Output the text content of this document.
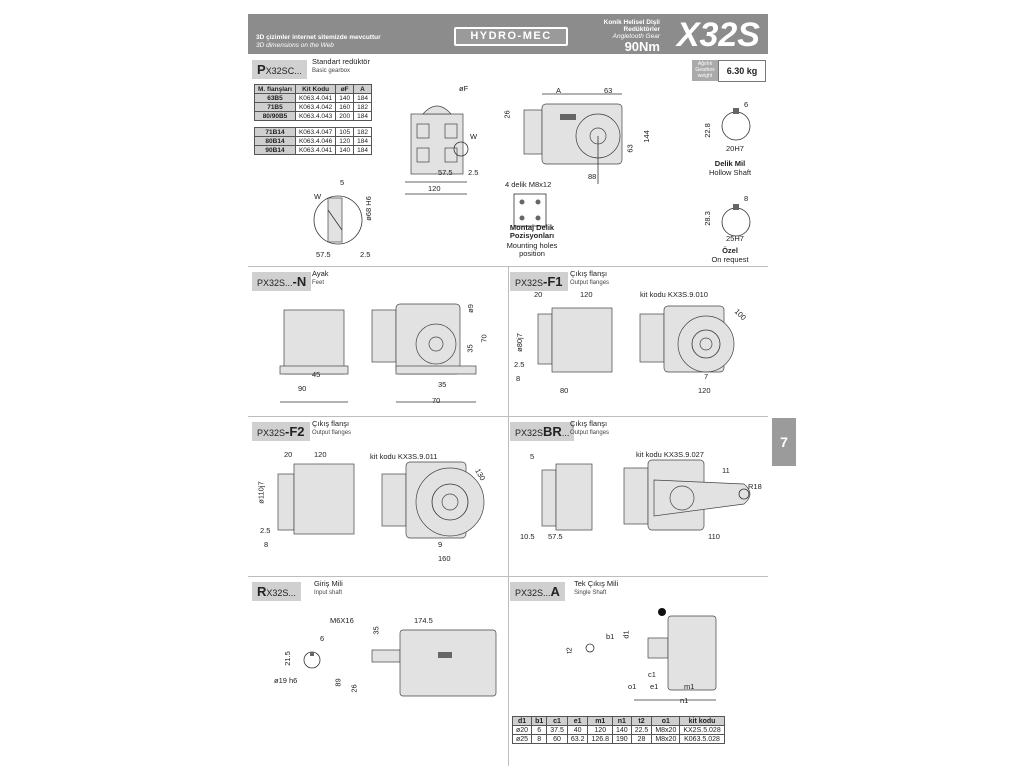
3D çizimler internet sitemizde mevcuttur
3D dimensions on the Web
HYDRO-MEC
Konik Helisel Dişli
Redüktörler
Angletooth Gear
90Nm X32S
PX32SC...
Standart redüktör
Basic gearbox
Ağırlık Gearbox weight	6.30 kg
M. flanşları	Kit Kodu	øF	A
63B5	K063.4.041	140	184
71B5	K063.4.042	160	182
80/90B5	K063.4.043	200	184

71B14	K063.4.047	105	182
80B14	K063.4.046	120	184
90B14	K063.4.041	140	184
øF
W
57.5 2.5
120
A	63
26
63
144
88
4 delik M8x12
Montaj Delik Pozisyonları
Mounting holes position
6
22.8
20H7
Delik Mil
Hollow Shaft
8
28.3
25H7
Özel
On request
W
5
ø68 H6
57.5	2.5
PX32S...-N
Ayak
Feet
ø9
35
70
45
90	35
70
PX32S-F1
Çıkış flanşı
Output flanges
kit kodu KX3S.9.010
20	120
ø80j7
2.5
8
80
100
7
120
PX32S-F2
Çıkış flanşı
Output flanges
kit kodu KX3S.9.011
20	120
ø110j7
2.5
8
130
9
160
PX32SBR...
Çıkış flanşı
Output flanges
kit kodu KX3S.9.027
5
11
R18
10.5 57.5	110
RX32S...
Giriş Mili
Input shaft
M6X16	174.5
35
6
21.5
ø19 h6	89
26
PX32S...A
Tek Çıkış Mili
Single Shaft
b1 d1
t2
c1
o1 e1	m1
n1
d1	b1	c1	e1	m1	n1	t2	o1	kit kodu
ø20	6	37.5	40	120	140	22.5	M8x20	KX2S.5.028
ø25	8	60	63.2	126.8	190	28	M8x20	K063.5.028
7
